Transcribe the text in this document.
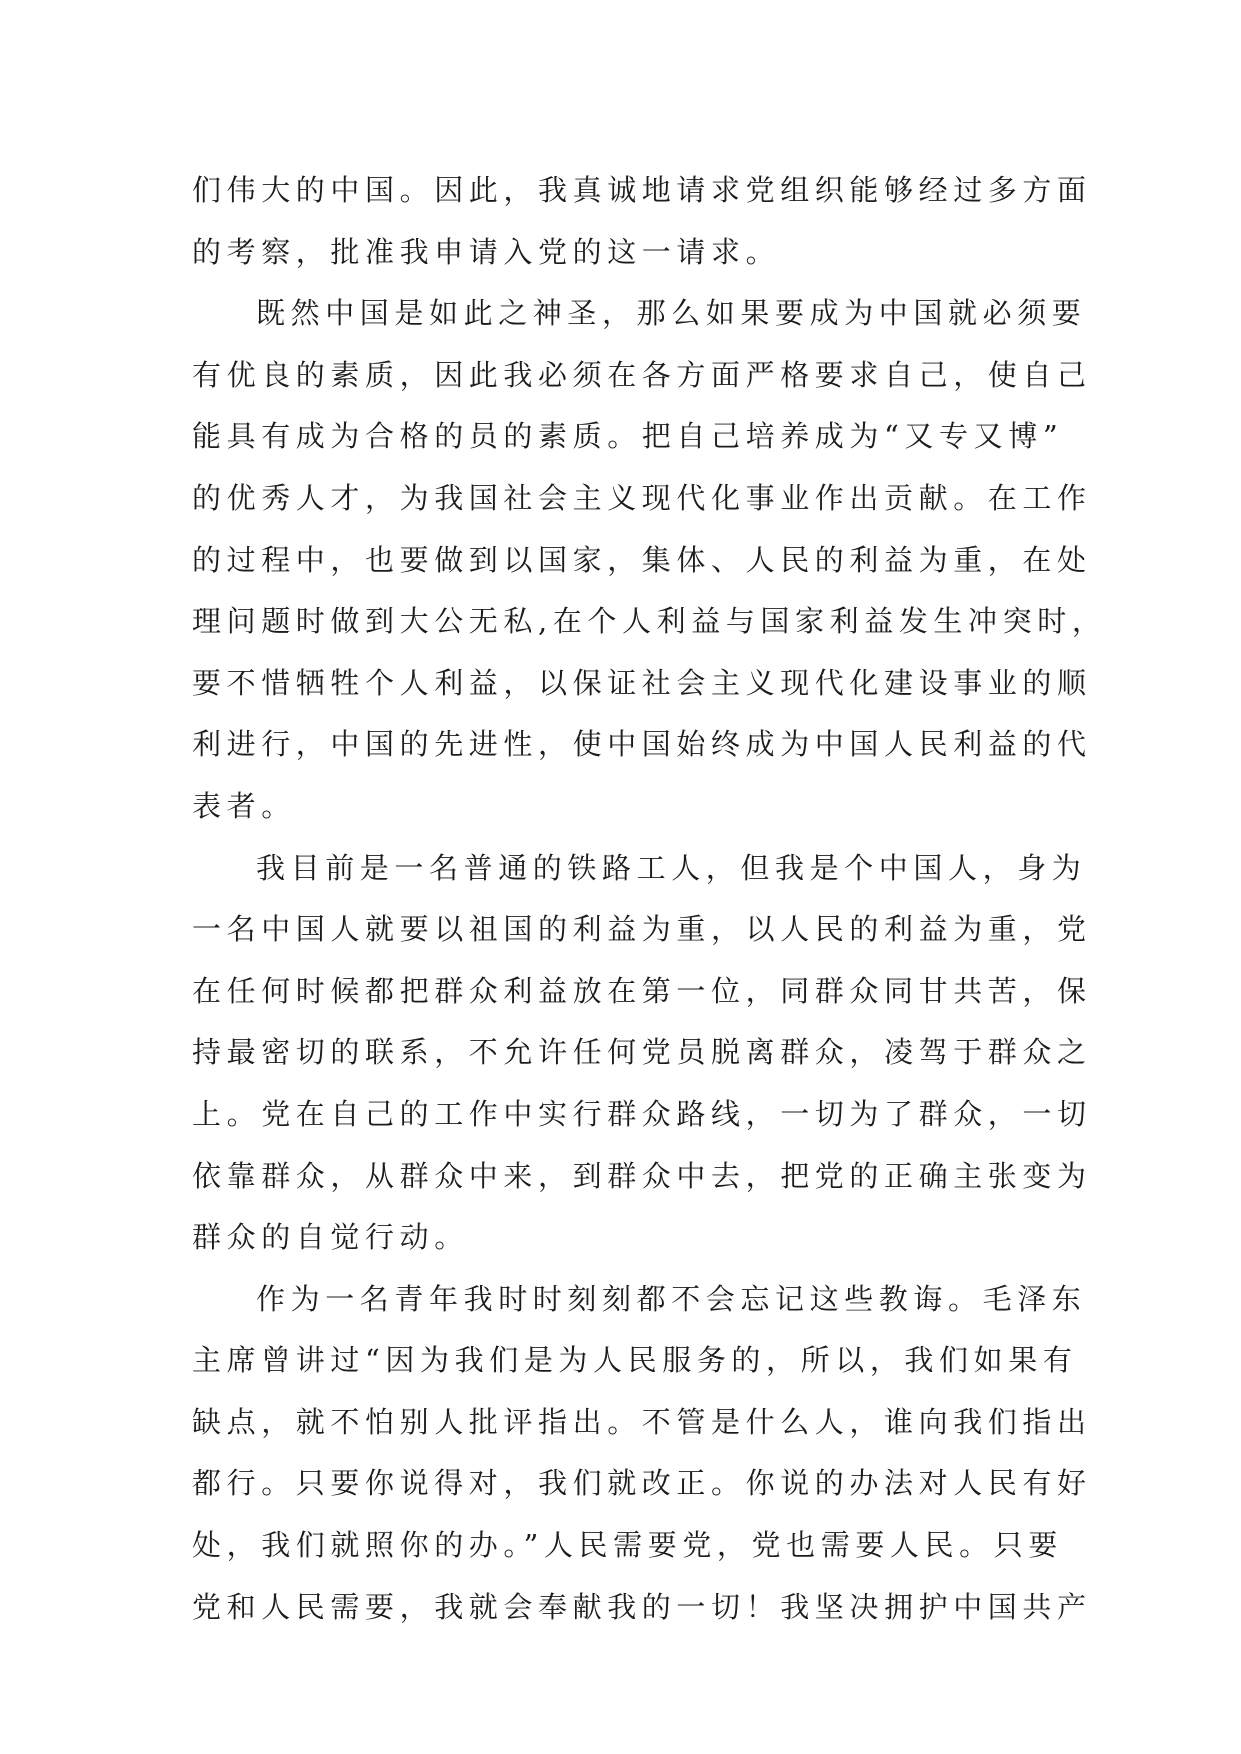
们伟大的中国。因此，我真诚地请求党组织能够经过多方面
的考察，批准我申请入党的这一请求。
既然中国是如此之神圣，那么如果要成为中国就必须要
有优良的素质，因此我必须在各方面严格要求自己，使自己
能具有成为合格的员的素质。把自己培养成为“又专又博”
的优秀人才，为我国社会主义现代化事业作出贡献。在工作
的过程中，也要做到以国家，集体、人民的利益为重，在处
理问题时做到大公无私,在个人利益与国家利益发生冲突时，
要不惜牺牲个人利益，以保证社会主义现代化建设事业的顺
利进行，中国的先进性，使中国始终成为中国人民利益的代
表者。
我目前是一名普通的铁路工人，但我是个中国人，身为
一名中国人就要以祖国的利益为重，以人民的利益为重，党
在任何时候都把群众利益放在第一位，同群众同甘共苦，保
持最密切的联系，不允许任何党员脱离群众，凌驾于群众之
上。党在自己的工作中实行群众路线，一切为了群众，一切
依靠群众，从群众中来，到群众中去，把党的正确主张变为
群众的自觉行动。
作为一名青年我时时刻刻都不会忘记这些教诲。毛泽东
主席曾讲过“因为我们是为人民服务的，所以，我们如果有
缺点，就不怕别人批评指出。不管是什么人，谁向我们指出
都行。只要你说得对，我们就改正。你说的办法对人民有好
处，我们就照你的办。”人民需要党，党也需要人民。只要
党和人民需要，我就会奉献我的一切！我坚决拥护中国共产
